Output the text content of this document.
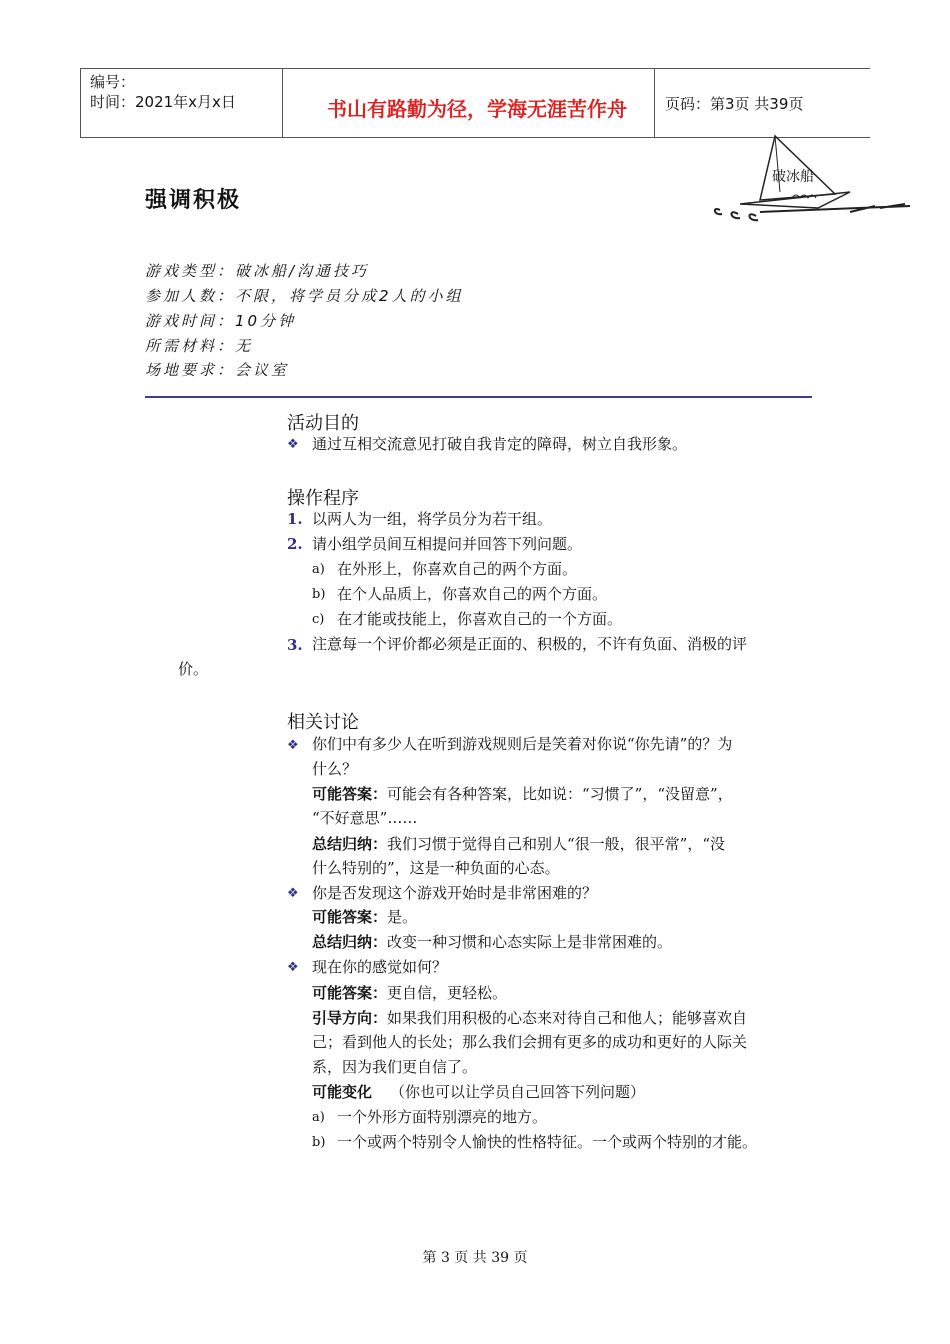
编号：
时间：2021年x月x日	书山有路勤为径，学海无涯苦作舟	页码：第3页 共39页
破冰船
强调积极
游戏类型：破冰船/沟通技巧
参加人数：不限，将学员分成2人的小组
游戏时间：10分钟
所需材料：无
场地要求：会议室
活动目的
❖ 通过互相交流意见打破自我肯定的障碍，树立自我形象。
操作程序
1. 以两人为一组，将学员分为若干组。
2. 请小组学员间互相提问并回答下列问题。
a) 在外形上，你喜欢自己的两个方面。
b) 在个人品质上，你喜欢自己的两个方面。
c) 在才能或技能上，你喜欢自己的一个方面。
3. 注意每一个评价都必须是正面的、积极的，不许有负面、消极的评
价。
相关讨论
❖ 你们中有多少人在听到游戏规则后是笑着对你说“你先请”的？为
什么？
可能答案：可能会有各种答案，比如说：“习惯了”，“没留意”，
“不好意思”……
总结归纳：我们习惯于觉得自己和别人“很一般，很平常”，“没
什么特别的”，这是一种负面的心态。
❖ 你是否发现这个游戏开始时是非常困难的？
可能答案：是。
总结归纳：改变一种习惯和心态实际上是非常困难的。
❖ 现在你的感觉如何？
可能答案：更自信，更轻松。
引导方向：如果我们用积极的心态来对待自己和他人；能够喜欢自
己；看到他人的长处；那么我们会拥有更多的成功和更好的人际关
系，因为我们更自信了。
可能变化 （你也可以让学员自己回答下列问题）
a) 一个外形方面特别漂亮的地方。
b) 一个或两个特别令人愉快的性格特征。一个或两个特别的才能。
第 3 页 共 39 页
